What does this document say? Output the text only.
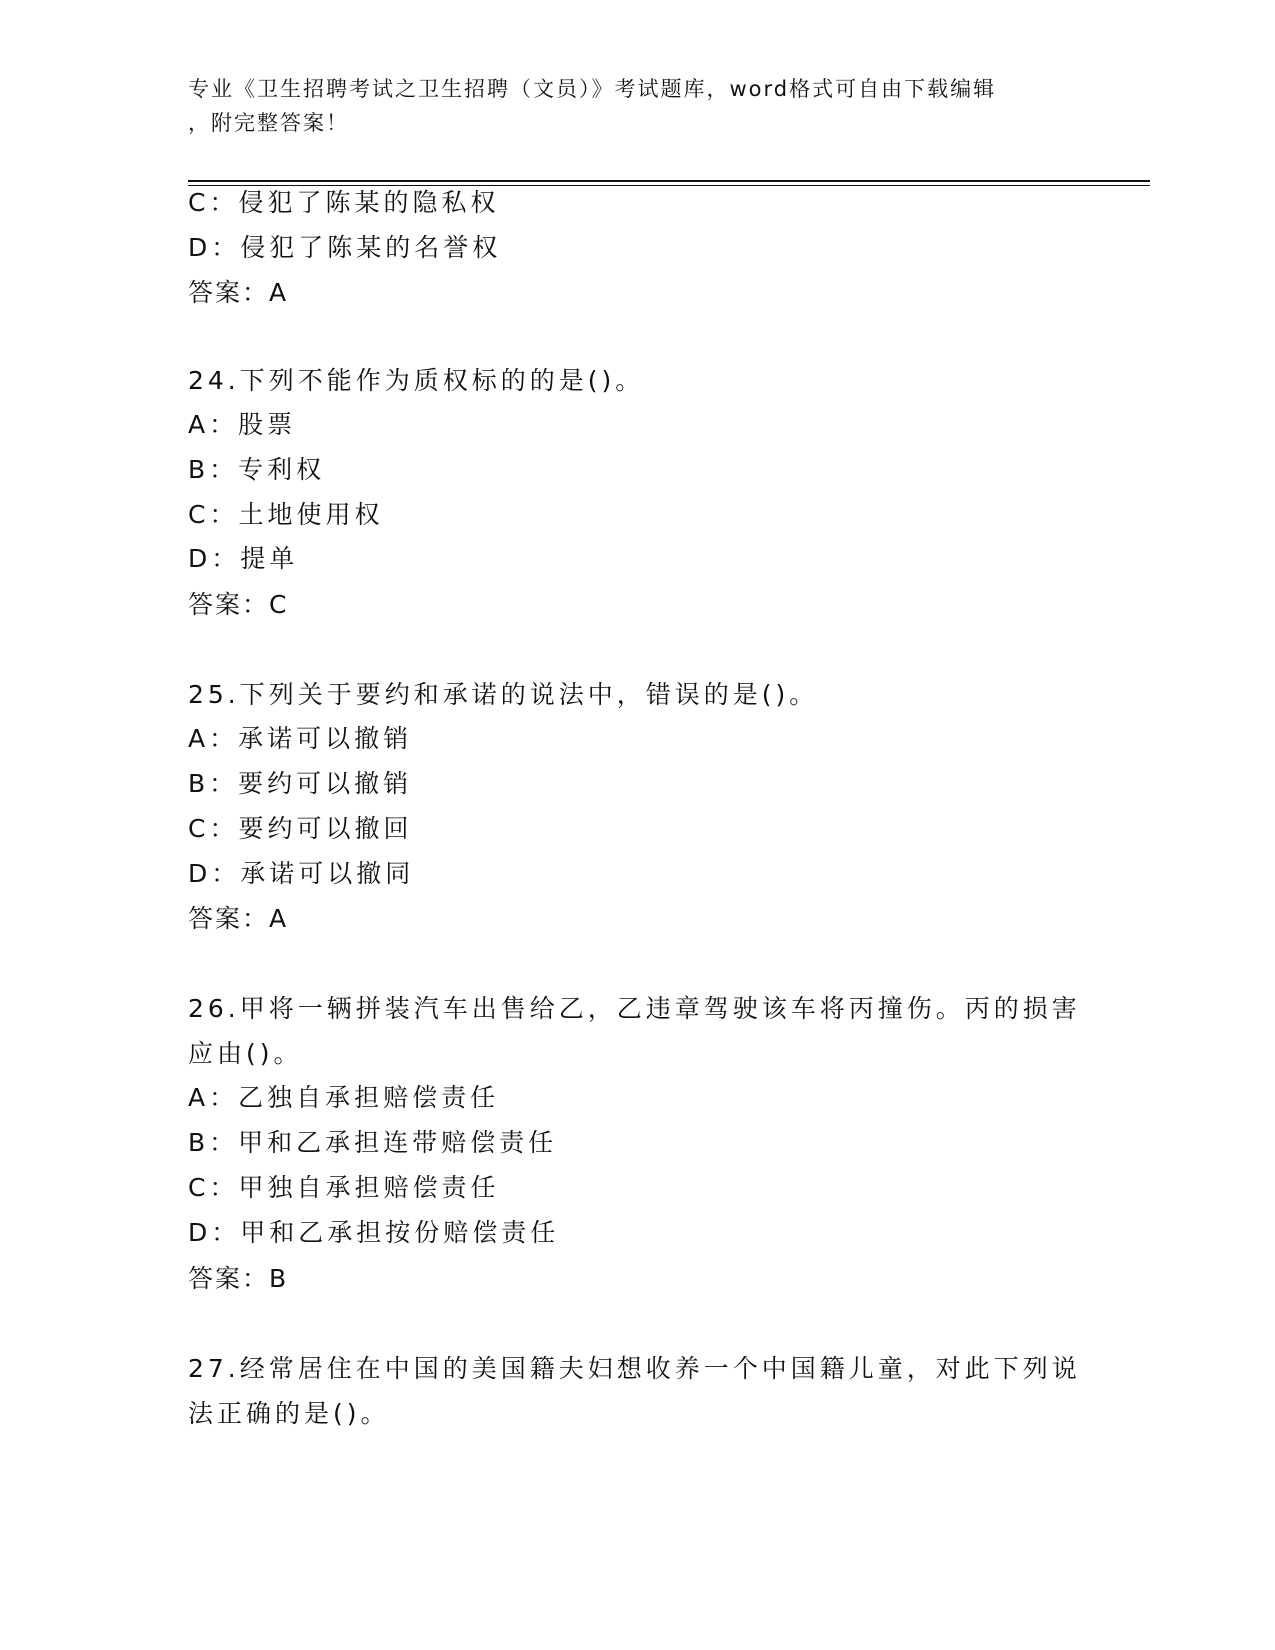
专业《卫生招聘考试之卫生招聘（文员）》考试题库，word格式可自由下载编辑
，附完整答案！
C：侵犯了陈某的隐私权
D：侵犯了陈某的名誉权
答案：A
24.下列不能作为质权标的的是()。
A：股票
B：专利权
C：土地使用权
D：提单
答案：C
25.下列关于要约和承诺的说法中，错误的是()。
A：承诺可以撤销
B：要约可以撤销
C：要约可以撤回
D：承诺可以撤同
答案：A
26.甲将一辆拼装汽车出售给乙，乙违章驾驶该车将丙撞伤。丙的损害
应由()。
A：乙独自承担赔偿责任
B：甲和乙承担连带赔偿责任
C：甲独自承担赔偿责任
D：甲和乙承担按份赔偿责任
答案：B
27.经常居住在中国的美国籍夫妇想收养一个中国籍儿童，对此下列说
法正确的是()。
